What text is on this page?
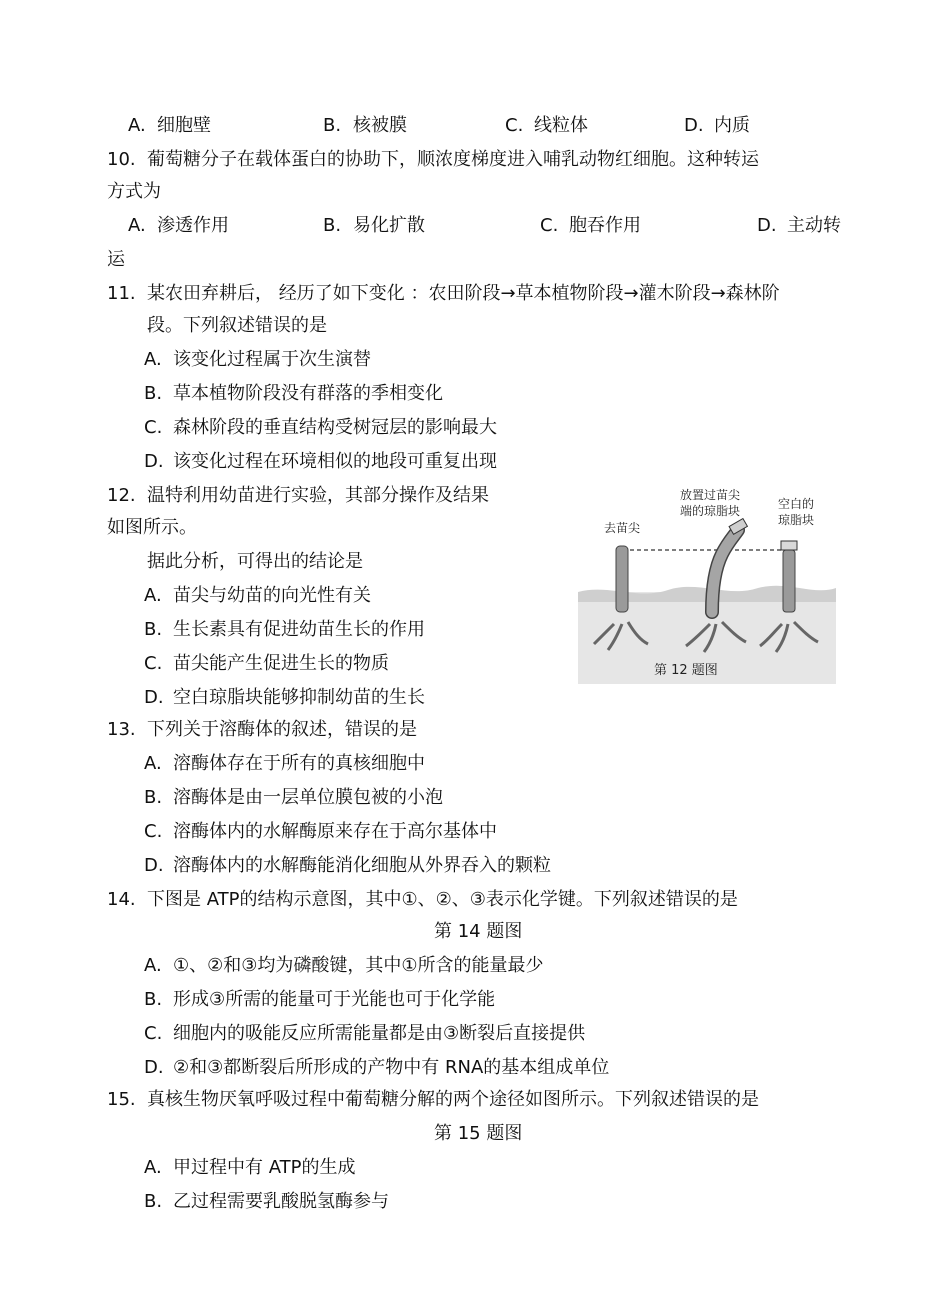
A. 细胞壁	B. 核被膜	C. 线粒体	D. 内质
10. 葡萄糖分子在载体蛋白的协助下，顺浓度梯度进入哺乳动物红细胞。这种转运
方式为
A. 渗透作用	B. 易化扩散	C. 胞吞作用	D. 主动转
运
11. 某农田弃耕后， 经历了如下变化 ：农田阶段→草本植物阶段→灌木阶段→森林阶
段。下列叙述错误的是
A. 该变化过程属于次生演替
B. 草本植物阶段没有群落的季相变化
C. 森林阶段的垂直结构受树冠层的影响最大
D. 该变化过程在环境相似的地段可重复出现
12. 温特利用幼苗进行实验，其部分操作及结果
如图所示。
据此分析，可得出的结论是
A. 苗尖与幼苗的向光性有关
B. 生长素具有促进幼苗生长的作用
C. 苗尖能产生促进生长的物质
D. 空白琼脂块能够抑制幼苗的生长
去苗尖
放置过苗尖
端的琼脂块	空白的
琼脂块
第 12 题图
13. 下列关于溶酶体的叙述，错误的是
A. 溶酶体存在于所有的真核细胞中
B. 溶酶体是由一层单位膜包被的小泡
C. 溶酶体内的水解酶原来存在于高尔基体中
D. 溶酶体内的水解酶能消化细胞从外界吞入的颗粒
14. 下图是 ATP的结构示意图，其中①、②、③表示化学键。下列叙述错误的是
第 14 题图
A. ①、②和③均为磷酸键，其中①所含的能量最少
B. 形成③所需的能量可于光能也可于化学能
C. 细胞内的吸能反应所需能量都是由③断裂后直接提供
D. ②和③都断裂后所形成的产物中有 RNA的基本组成单位
15. 真核生物厌氧呼吸过程中葡萄糖分解的两个途径如图所示。下列叙述错误的是
第 15 题图
A. 甲过程中有 ATP的生成
B. 乙过程需要乳酸脱氢酶参与
